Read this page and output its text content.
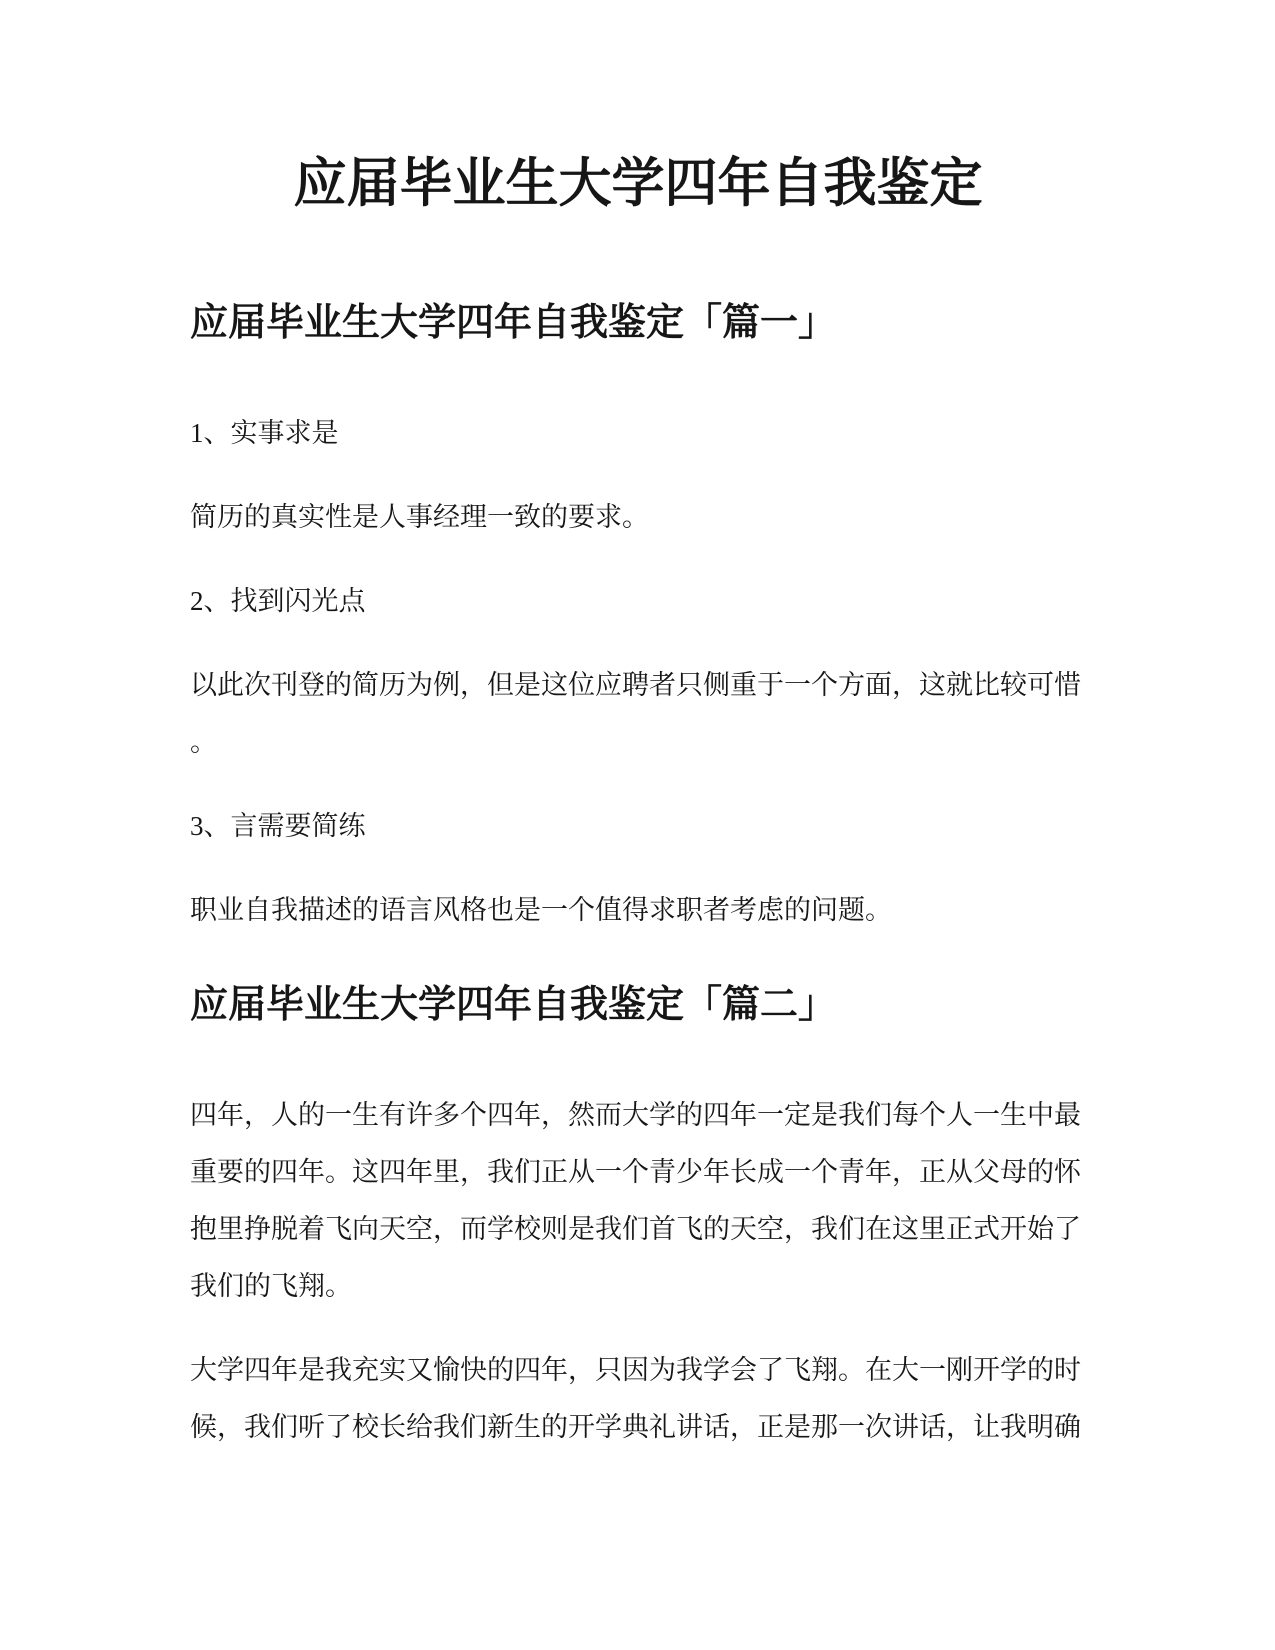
应届毕业生大学四年自我鉴定
应届毕业生大学四年自我鉴定「篇一」

1、实事求是

简历的真实性是人事经理一致的要求。

2、找到闪光点

以此次刊登的简历为例，但是这位应聘者只侧重于一个方面，这就比较可惜
。

3、言需要简练

职业自我描述的语言风格也是一个值得求职者考虑的问题。

应届毕业生大学四年自我鉴定「篇二」

四年，人的一生有许多个四年，然而大学的四年一定是我们每个人一生中最
重要的四年。这四年里，我们正从一个青少年长成一个青年，正从父母的怀
抱里挣脱着飞向天空，而学校则是我们首飞的天空，我们在这里正式开始了
我们的飞翔。

大学四年是我充实又愉快的四年，只因为我学会了飞翔。在大一刚开学的时
候，我们听了校长给我们新生的开学典礼讲话，正是那一次讲话，让我明确
